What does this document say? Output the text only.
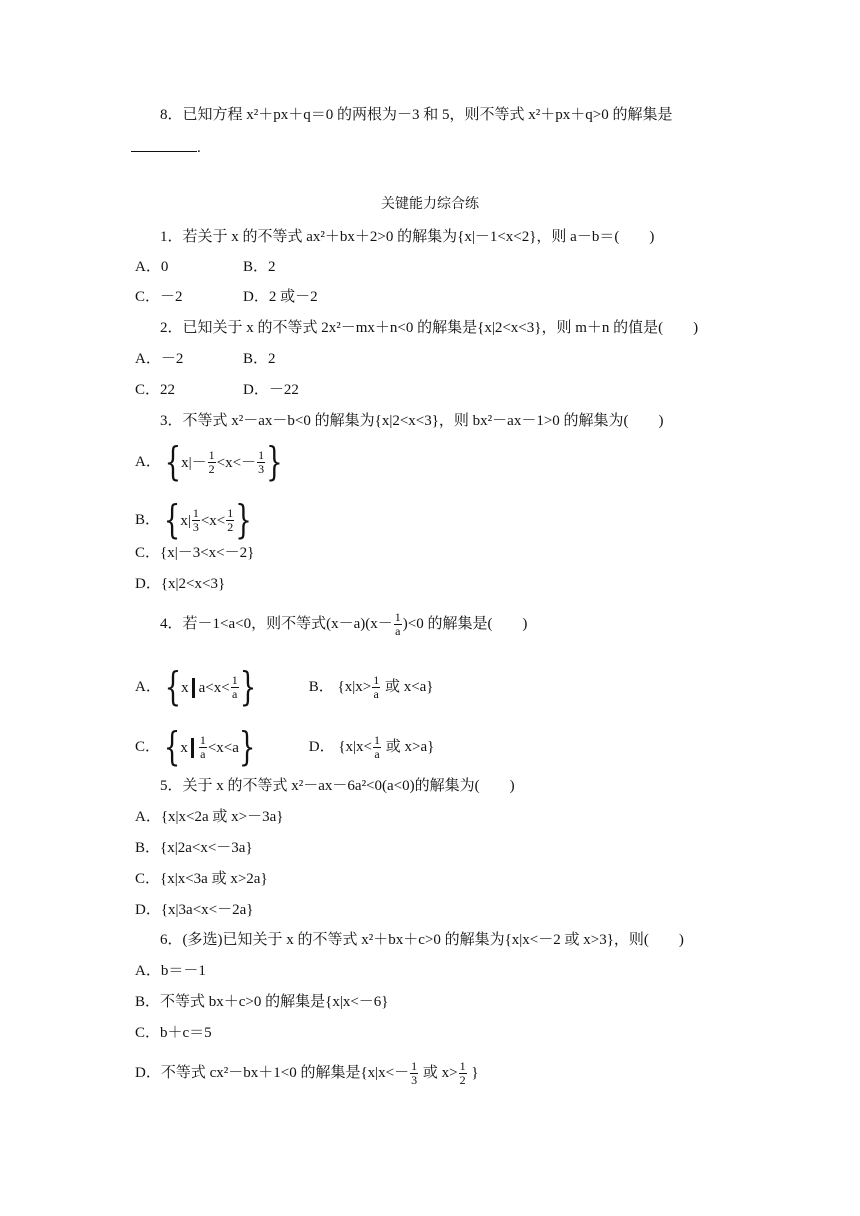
8．已知方程 x²＋px＋q＝0 的两根为－3 和 5，则不等式 x²＋px＋q>0 的解集是
.
关键能力综合练
1．若关于 x 的不等式 ax²＋bx＋2>0 的解集为{x|－1<x<2}，则 a－b＝(　　)
A．0	B．2
C．－2	D．2 或－2
2．已知关于 x 的不等式 2x²－mx＋n<0 的解集是{x|2<x<3}，则 m＋n 的值是(　　)
A．－2	B．2
C．22	D．－22
3．不等式 x²－ax－b<0 的解集为{x|2<x<3}，则 bx²－ax－1>0 的解集为(　　)
A． { $x|- \frac{1}{2} <x<- \frac{1}{3}$ }
B． { $x| \frac{1}{3} <x< \frac{1}{2}$ }
C．{x|－3<x<－2}
D．{x|2<x<3}
4．若－1<a<0，则不等式$(x-a)(x- \frac{1}{a} )<0$ 的解集是(　　)
A． { x $a<x< \frac{1}{a}$ }	B． {$x|x> \frac{1}{a}$ 或 x<a}
C． { x $\frac{1}{a} <x<a$ }	D． {$x|x< \frac{1}{a}$ 或 x>a}
5．关于 x 的不等式 x²－ax－6a²<0(a<0)的解集为(　　)
A．{x|x<2a 或 x>－3a}
B．{x|2a<x<－3a}
C．{x|x<3a 或 x>2a}
D．{x|3a<x<－2a}
6．(多选)已知关于 x 的不等式 x²＋bx＋c>0 的解集为{x|x<－2 或 x>3}，则(　　)
A．b＝－1
B．不等式 bx＋c>0 的解集是{x|x<－6}
C．b＋c＝5
D．不等式 cx²－bx＋1<0 的解集是{$x|x<- \frac{1}{3}$ 或 $x> \frac{1}{2}$ }
